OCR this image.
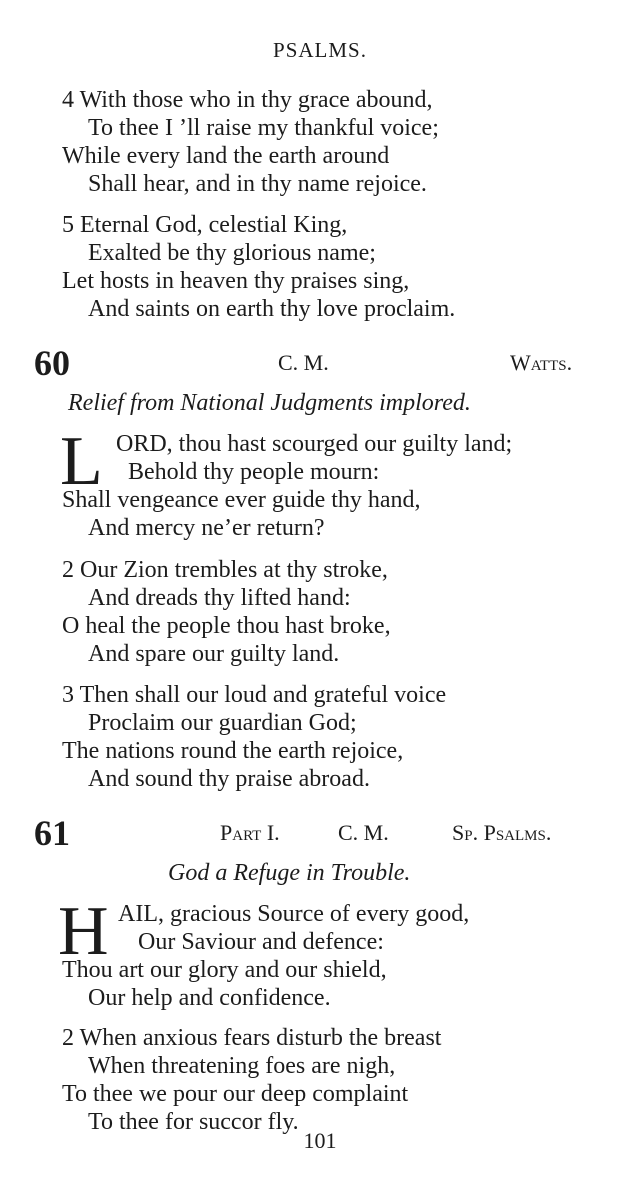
PSALMS.
4 With those who in thy grace abound,
To thee I ’ll raise my thankful voice;
While every land the earth around
Shall hear, and in thy name rejoice.
5 Eternal God, celestial King,
Exalted be thy glorious name;
Let hosts in heaven thy praises sing,
And saints on earth thy love proclaim.
60	C. M.	Watts.
Relief from National Judgments implored.
L ORD, thou hast scourged our guilty land;
Behold thy people mourn:
Shall vengeance ever guide thy hand,
And mercy ne’er return?
2 Our Zion trembles at thy stroke,
And dreads thy lifted hand:
O heal the people thou hast broke,
And spare our guilty land.
3 Then shall our loud and grateful voice
Proclaim our guardian God;
The nations round the earth rejoice,
And sound thy praise abroad.
61	Part I.	C. M.	Sp. Psalms.
God a Refuge in Trouble.
H AIL, gracious Source of every good,
Our Saviour and defence:
Thou art our glory and our shield,
Our help and confidence.
2 When anxious fears disturb the breast
When threatening foes are nigh,
To thee we pour our deep complaint
To thee for succor fly.
101
